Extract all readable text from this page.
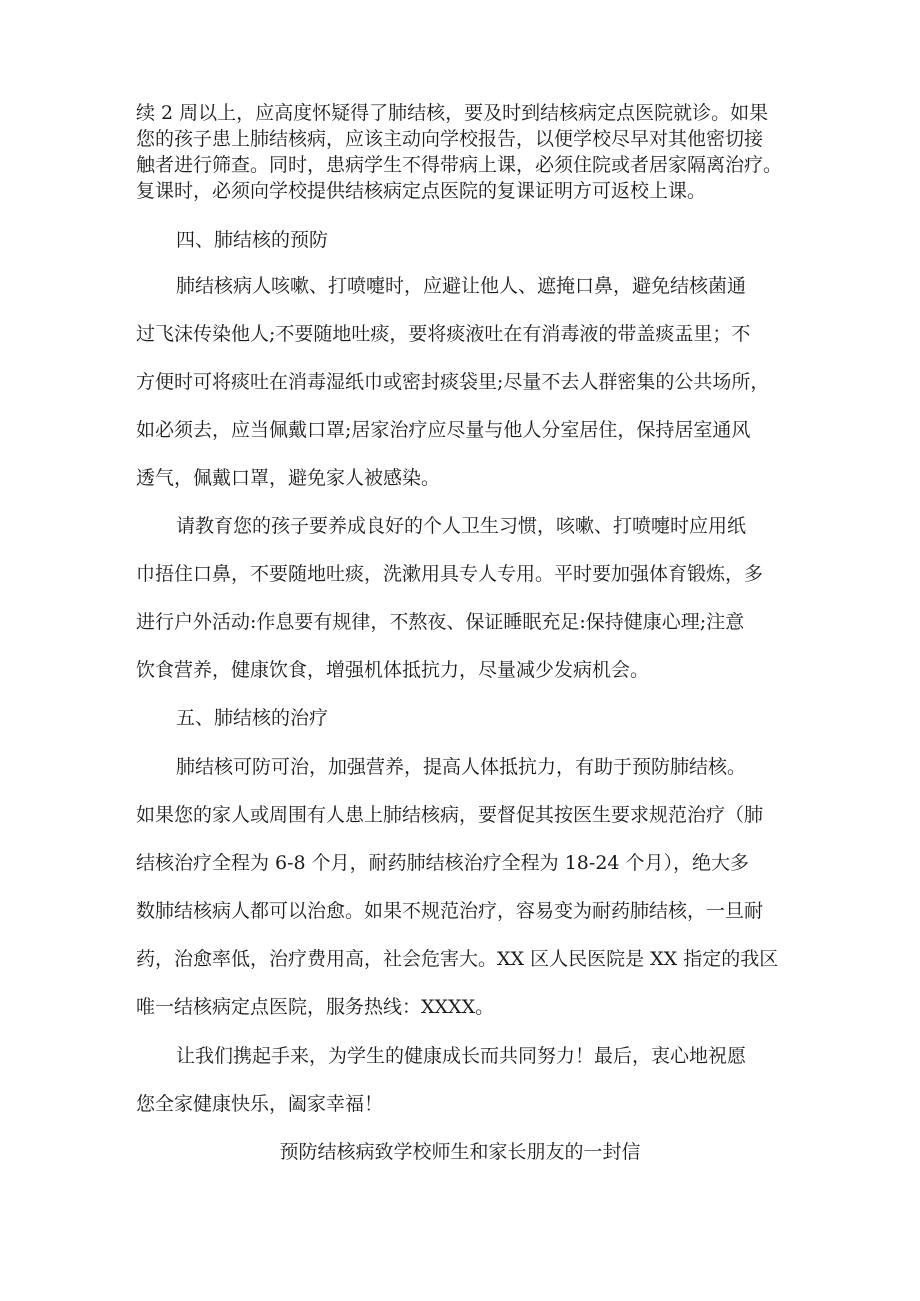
续 2 周以上，应高度怀疑得了肺结核，要及时到结核病定点医院就诊。如果
您的孩子患上肺结核病，应该主动向学校报告，以便学校尽早对其他密切接
触者进行筛查。同时，患病学生不得带病上课，必须住院或者居家隔离治疗。
复课时，必须向学校提供结核病定点医院的复课证明方可返校上课。

四、肺结核的预防

肺结核病人咳嗽、打喷嚏时，应避让他人、遮掩口鼻，避免结核菌通
过飞沫传染他人;不要随地吐痰，要将痰液吐在有消毒液的带盖痰盂里；不
方便时可将痰吐在消毒湿纸巾或密封痰袋里;尽量不去人群密集的公共场所，
如必须去，应当佩戴口罩;居家治疗应尽量与他人分室居住，保持居室通风
透气，佩戴口罩，避免家人被感染。

请教育您的孩子要养成良好的个人卫生习惯，咳嗽、打喷嚏时应用纸
巾捂住口鼻，不要随地吐痰，洗漱用具专人专用。平时要加强体育锻炼，多
进行户外活动:作息要有规律，不熬夜、保证睡眠充足:保持健康心理;注意
饮食营养，健康饮食，增强机体抵抗力，尽量减少发病机会。

五、肺结核的治疗

肺结核可防可治，加强营养，提高人体抵抗力，有助于预防肺结核。
如果您的家人或周围有人患上肺结核病，要督促其按医生要求规范治疗（肺
结核治疗全程为 6-8 个月，耐药肺结核治疗全程为 18-24 个月），绝大多
数肺结核病人都可以治愈。如果不规范治疗，容易变为耐药肺结核，一旦耐
药，治愈率低，治疗费用高，社会危害大。XX 区人民医院是 XX 指定的我区
唯一结核病定点医院，服务热线：XXXX。

让我们携起手来，为学生的健康成长而共同努力！最后，衷心地祝愿
您全家健康快乐，阖家幸福！

预防结核病致学校师生和家长朋友的一封信
